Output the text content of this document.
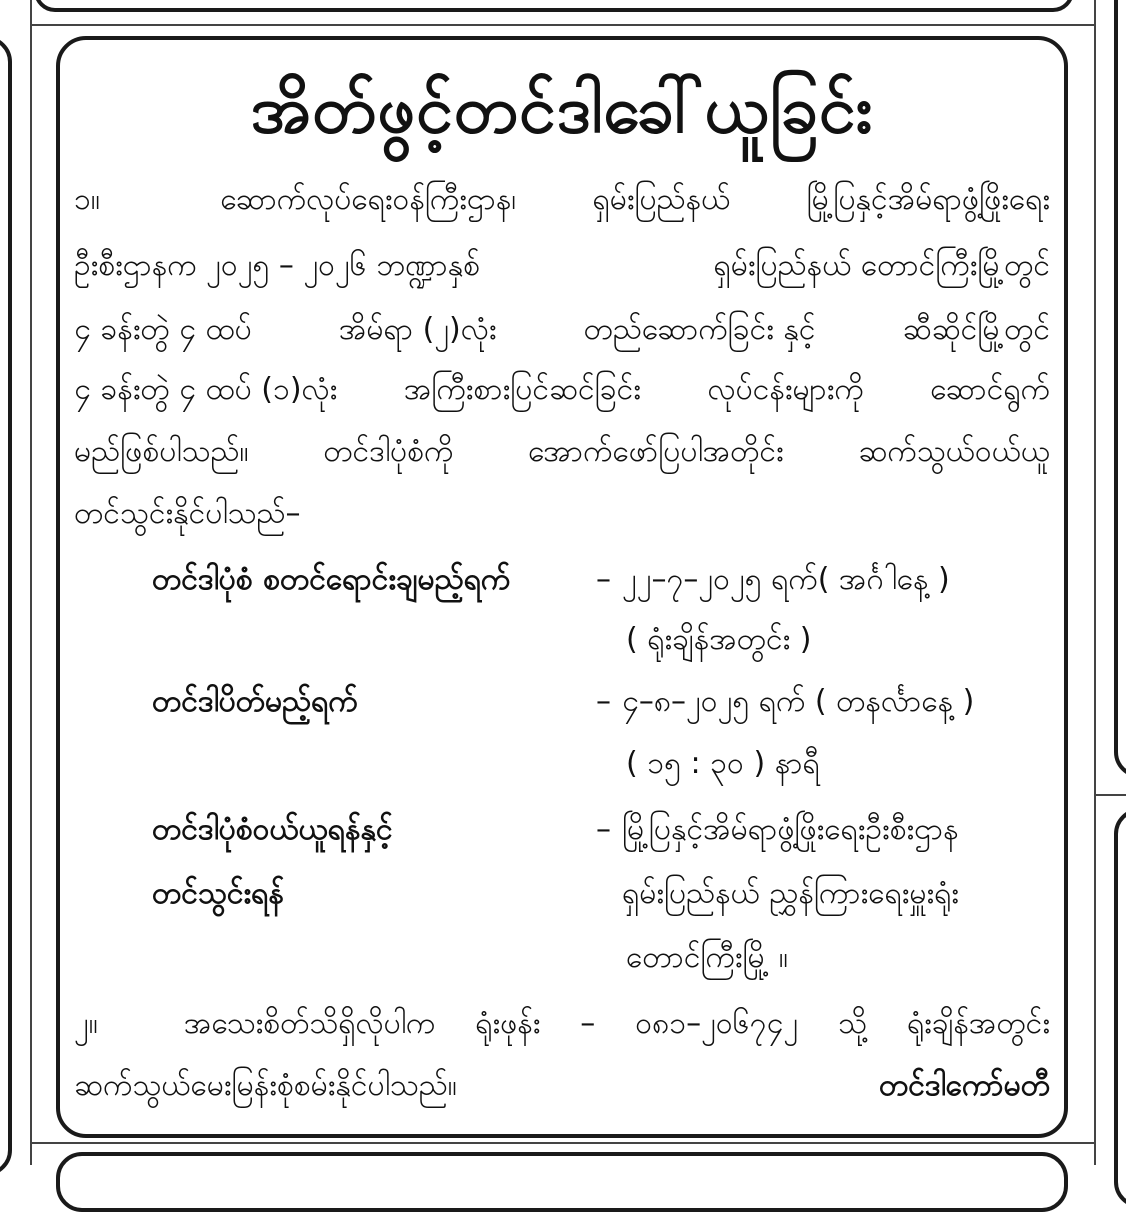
အိတ်ဖွင့်တင်ဒါခေါ်ယူခြင်း
၁။	ဆောက်လုပ်ရေးဝန်ကြီးဌာန၊	ရှမ်းပြည်နယ်	မြို့ပြနှင့်အိမ်ရာဖွံ့ဖြိုးရေး
ဦးစီးဌာနက ၂၀၂၅ – ၂၀၂၆ ဘဏ္ဍာနှစ်	ရှမ်းပြည်နယ် တောင်ကြီးမြို့တွင်
၄ ခန်းတွဲ ၄ ထပ်	အိမ်ရာ (၂)လုံး	တည်ဆောက်ခြင်း နှင့်	ဆီဆိုင်မြို့တွင်
၄ ခန်းတွဲ ၄ ထပ် (၁)လုံး အကြီးစားပြင်ဆင်ခြင်း လုပ်ငန်းများကို ဆောင်ရွက်
မည်ဖြစ်ပါသည်။ တင်ဒါပုံစံကို အောက်ဖော်ပြပါအတိုင်း ဆက်သွယ်ဝယ်ယူ
တင်သွင်းနိုင်ပါသည်–
တင်ဒါပုံစံ စတင်ရောင်းချမည့်ရက်	– ၂၂–၇–၂၀၂၅ ရက်( အင်္ဂါနေ့ )
( ရုံးချိန်အတွင်း )
တင်ဒါပိတ်မည့်ရက်	– ၄–၈–၂၀၂၅ ရက် ( တနင်္လာနေ့ )
( ၁၅ : ၃၀ ) နာရီ
တင်ဒါပုံစံဝယ်ယူရန်နှင့်
တင်သွင်းရန်
– မြို့ပြနှင့်အိမ်ရာဖွံ့ဖြိုးရေးဦးစီးဌာန
ရှမ်းပြည်နယ် ညွှန်ကြားရေးမှူးရုံး
တောင်ကြီးမြို့ ။
၂။	အသေးစိတ်သိရှိလိုပါက ရုံးဖုန်း – ၀၈၁–၂၀၆၇၄၂ သို့ ရုံးချိန်အတွင်း
ဆက်သွယ်မေးမြန်းစုံစမ်းနိုင်ပါသည်။	တင်ဒါကော်မတီ
